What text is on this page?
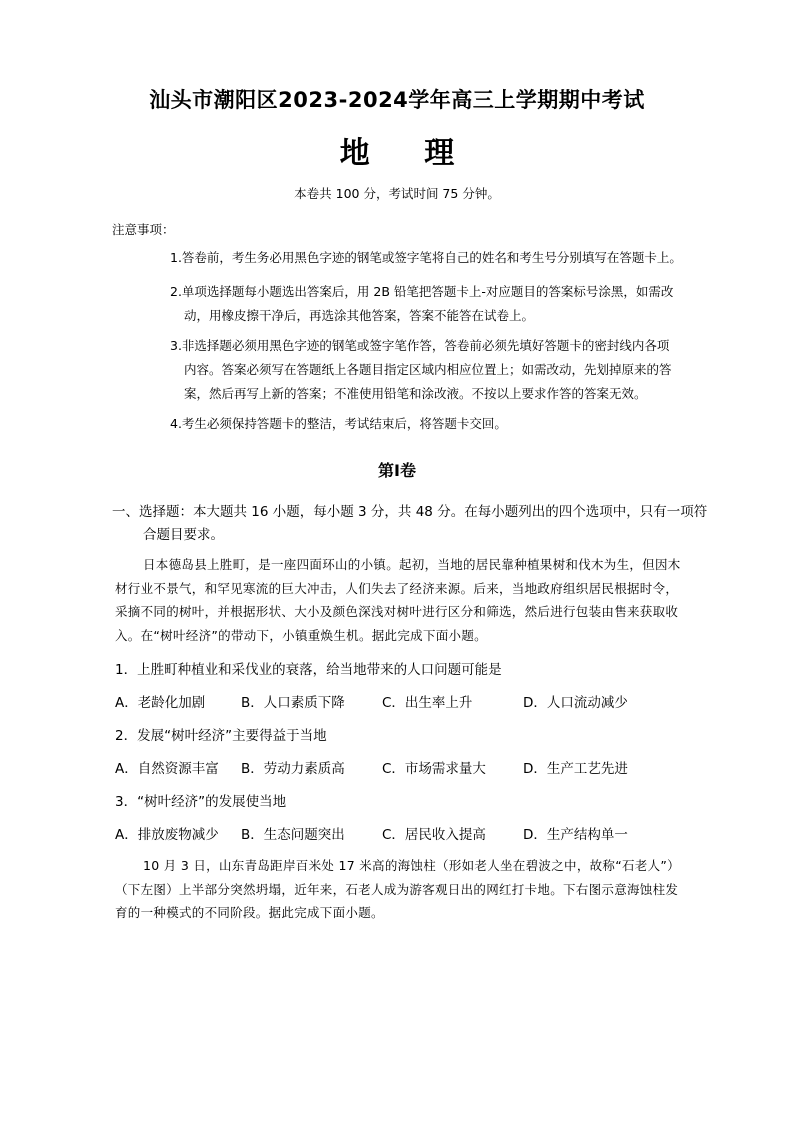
汕头市潮阳区2023-2024学年高三上学期期中考试
地 理
本卷共 100 分，考试时间 75 分钟。
注意事项：
1.答卷前，考生务必用黑色字迹的钢笔或签字笔将自己的姓名和考生号分别填写在答题卡上。
2.单项选择题每小题选出答案后，用 2B 铅笔把答题卡上-对应题目的答案标号涂黑，如需改
动，用橡皮擦干净后，再选涂其他答案，答案不能答在试卷上。
3.非选择题必须用黑色字迹的钢笔或签字笔作答，答卷前必须先填好答题卡的密封线内各项
内容。答案必须写在答题纸上各题目指定区域内相应位置上；如需改动，先划掉原来的答
案，然后再写上新的答案；不准使用铅笔和涂改液。不按以上要求作答的答案无效。
4.考生必须保持答题卡的整洁，考试结束后，将答题卡交回。
第Ⅰ卷
一、选择题：本大题共 16 小题，每小题 3 分，共 48 分。在每小题列出的四个选项中，只有一项符
合题目要求。
日本德岛县上胜町，是一座四面环山的小镇。起初，当地的居民靠种植果树和伐木为生，但因木
材行业不景气，和罕见寒流的巨大冲击，人们失去了经济来源。后来，当地政府组织居民根据时令，
采摘不同的树叶，并根据形状、大小及颜色深浅对树叶进行区分和筛选，然后进行包装由售来获取收
入。在“树叶经济”的带动下，小镇重焕生机。据此完成下面小题。
1．上胜町种植业和采伐业的衰落，给当地带来的人口问题可能是
A．老龄化加剧	B．人口素质下降	C．出生率上升	D．人口流动减少
2．发展“树叶经济”主要得益于当地
A．自然资源丰富 B．劳动力素质高	C．市场需求量大	D．生产工艺先进
3．“树叶经济”的发展使当地
A．排放废物减少 B．生态问题突出	C．居民收入提高	D．生产结构单一
10 月 3 日，山东青岛距岸百米处 17 米高的海蚀柱（形如老人坐在碧波之中，故称“石老人”）
（下左图）上半部分突然坍塌，近年来，石老人成为游客观日出的网红打卡地。下右图示意海蚀柱发
育的一种模式的不同阶段。据此完成下面小题。
